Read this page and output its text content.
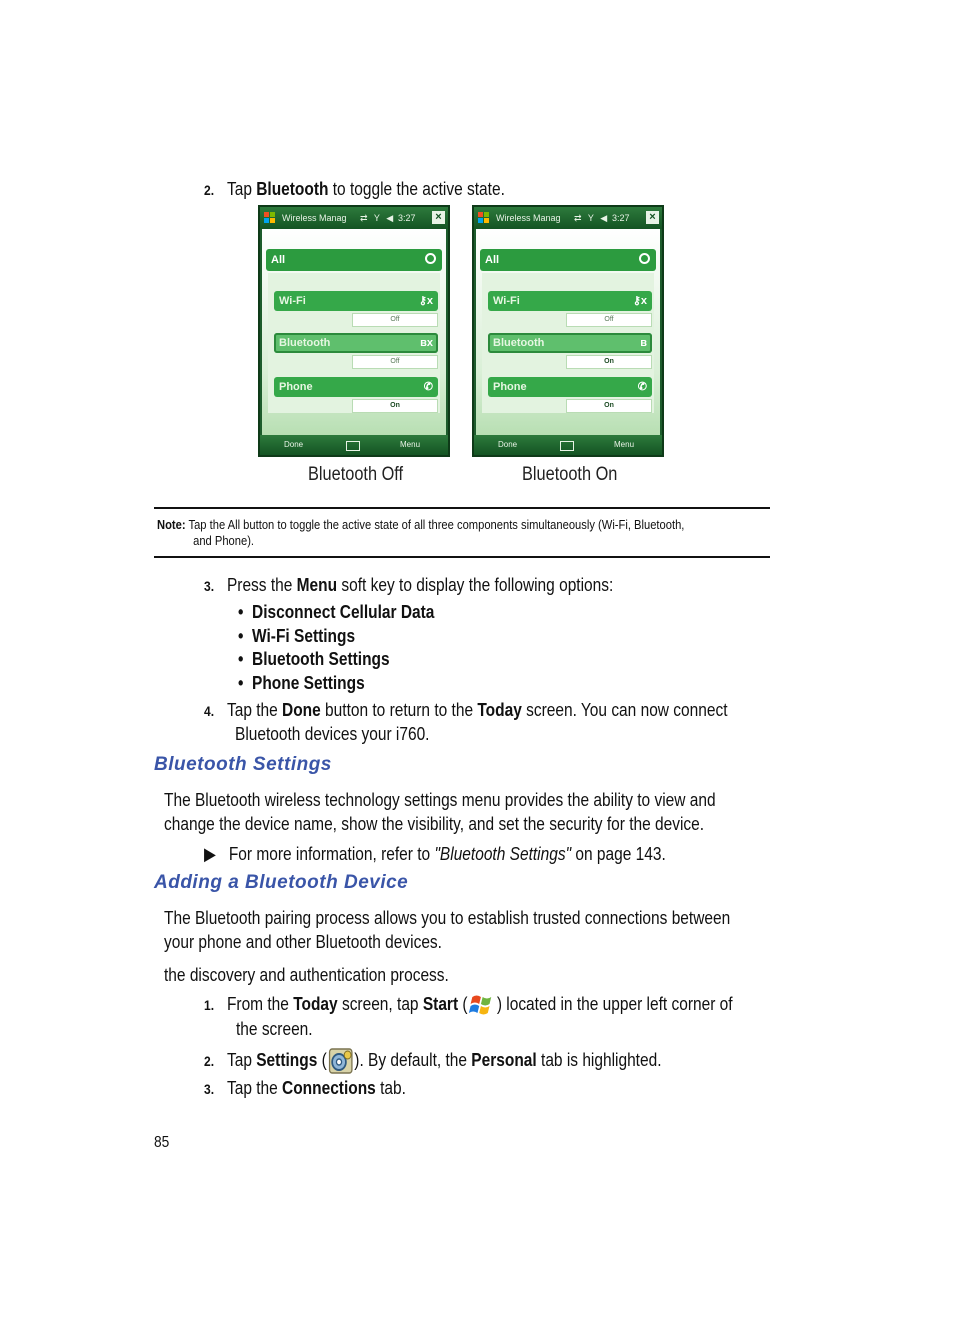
2. Tap Bluetooth to toggle the active state.
Wireless Manag ⇄ Y ◀ 3:27 ×
All
Wi-Fi	⚷x
Off
Bluetooth	ʙx
Off
Phone	✆
On
Done	Menu
Wireless Manag ⇄ Y ◀ 3:27 ×
All
Wi-Fi	⚷x
Off
Bluetooth	ʙ
On
Phone	✆
On
Done	Menu
Bluetooth Off	Bluetooth On
Note: Tap the All button to toggle the active state of all three components simultaneously (Wi-Fi, Bluetooth,
and Phone).
3. Press the Menu soft key to display the following options:
•  Disconnect Cellular Data
•  Wi-Fi Settings
•  Bluetooth Settings
•  Phone Settings
4. Tap the Done button to return to the Today screen. You can now connect
Bluetooth devices your i760.
Bluetooth Settings
The Bluetooth wireless technology settings menu provides the ability to view and
change the device name, show the visibility, and set the security for the device.
▶ For more information, refer to "Bluetooth Settings" on page 143.
Adding a Bluetooth Device
The Bluetooth pairing process allows you to establish trusted connections between
your phone and other Bluetooth devices.
the discovery and authentication process.
1. From the Today screen, tap Start ( ) located in the upper left corner of
the screen.
2. Tap Settings ( ). By default, the Personal tab is highlighted.
3. Tap the Connections tab.
85
